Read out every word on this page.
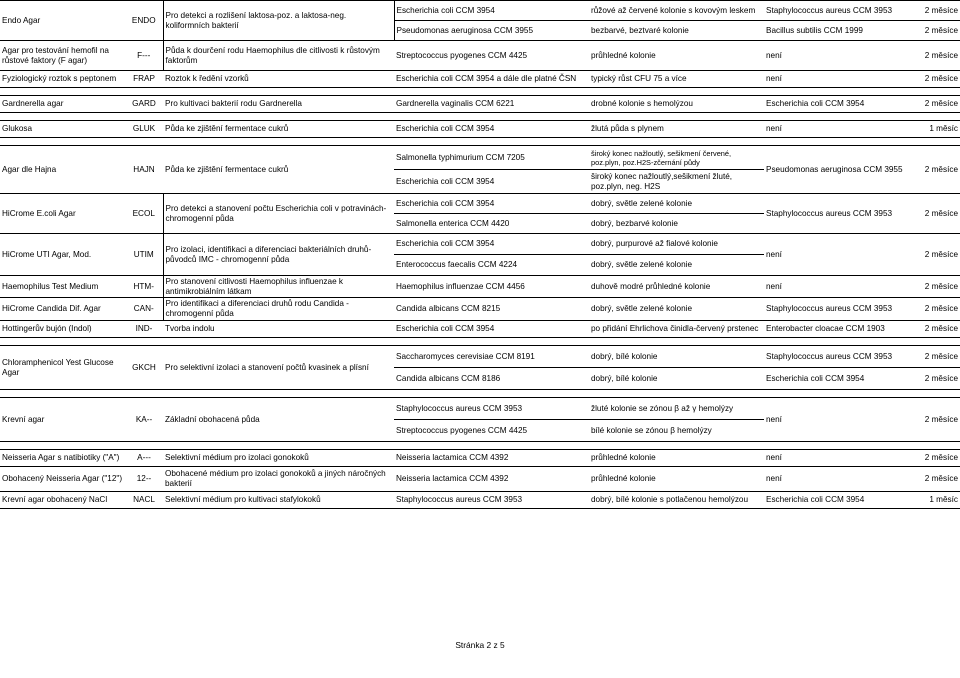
Endo Agar	ENDO	Pro detekci a rozlišení laktosa-poz. a laktosa-neg. koliformních bakterií	Escherichia coli CCM 3954	růžové až červené kolonie s kovovým leskem	Staphylococcus aureus CCM 3953	2 měsíce
			Pseudomonas aeruginosa CCM 3955	bezbarvé, beztvaré kolonie	Bacillus subtilis CCM 1999	2 měsíce
Agar pro testování hemofil na růstové faktory (F agar)	F---	Půda k dourčení rodu Haemophilus dle citlivosti k růstovým faktorům	Streptococcus pyogenes CCM 4425	průhledné kolonie	není	2 měsíce
Fyziologický roztok s peptonem	FRAP	Roztok k ředění vzorků	Escherichia coli CCM 3954 a dále dle platné ČSN	typický růst CFU 75 a více	není	2 měsíce

Gardnerella agar	GARD	Pro kultivaci bakterií rodu Gardnerella	Gardnerella vaginalis CCM 6221	drobné kolonie s hemolýzou	Escherichia coli CCM 3954	2 měsíce

Glukosa	GLUK	Půda ke zjištění fermentace cukrů	Escherichia coli CCM 3954	žlutá půda s plynem	není	1 měsíc

Agar dle Hajna	HAJN	Půda ke zjištění fermentace cukrů	Salmonella typhimurium CCM 7205	široký konec nažloutlý, sešikmení červené, poz.plyn, poz.H2S-zčernání půdy	Pseudomonas aeruginosa CCM 3955	2 měsíce
			Escherichia coli CCM 3954	široký konec nažloutlý,sešikmení žluté, poz.plyn, neg. H2S		
HiCrome E.coli Agar	ECOL	Pro detekci a stanovení počtu Escherichia coli v potravinách- chromogenní půda	Escherichia coli CCM 3954	dobrý, světle zelené kolonie	Staphylococcus aureus CCM 3953	2 měsíce
			Salmonella enterica CCM 4420	dobrý, bezbarvé kolonie		
HiCrome UTI Agar, Mod.	UTIM	Pro izolaci, identifikaci a diferenciaci bakteriálních druhů- původců IMC - chromogenní půda	Escherichia coli CCM 3954	dobrý, purpurové až fialové kolonie	není	2 měsíce
			Enterococcus faecalis CCM 4224	dobrý, světle zelené kolonie		
Haemophilus Test Medium	HTM-	Pro stanovení citlivosti Haemophilus influenzae k antimikrobiálním látkam	Haemophilus influenzae CCM 4456	duhově modré průhledné kolonie	není	2 měsíce
HiCrome Candida Dif. Agar	CAN-	Pro identifikaci a diferenciaci druhů rodu Candida - chromogenní půda	Candida albicans CCM 8215	dobrý, světle zelené kolonie	Staphylococcus aureus CCM 3953	2 měsíce
Hottingerův bujón (Indol)	IND-	Tvorba indolu	Escherichia coli CCM 3954	po přidání Ehrlichova činidla-červený prstenec	Enterobacter cloacae CCM 1903	2 měsíce

Chloramphenicol Yest Glucose Agar	GKCH	Pro selektivní izolaci a stanovení počtů kvasinek a plísní	Saccharomyces cerevisiae CCM 8191	dobrý, bílé kolonie	Staphylococcus aureus CCM 3953	2 měsíce
			Candida albicans CCM 8186	dobrý, bílé kolonie	Escherichia coli CCM 3954	2 měsíce

Krevní agar	KA--	Základní obohacená půda	Staphylococcus aureus CCM 3953	žluté kolonie se zónou β až γ hemolýzy	není	2 měsíce
			Streptococcus pyogenes CCM 4425	bílé kolonie se zónou β hemolýzy		

Neisseria Agar s natibiotiky ("A")	A---	Selektivní médium pro izolaci gonokoků	Neisseria lactamica CCM 4392	průhledné kolonie	není	2 měsíce
Obohacený Neisseria Agar ("12")	12--	Obohacené médium pro izolaci gonokoků a jiných náročných bakterií	Neisseria lactamica CCM 4392	průhledné kolonie	není	2 měsíce
Krevní agar obohacený NaCl	NACL	Selektivní médium pro kultivaci stafylokoků	Staphylococcus aureus CCM 3953	dobrý, bílé kolonie s potlačenou hemolýzou	Escherichia coli CCM 3954	1 měsíc
Stránka 2 z 5
